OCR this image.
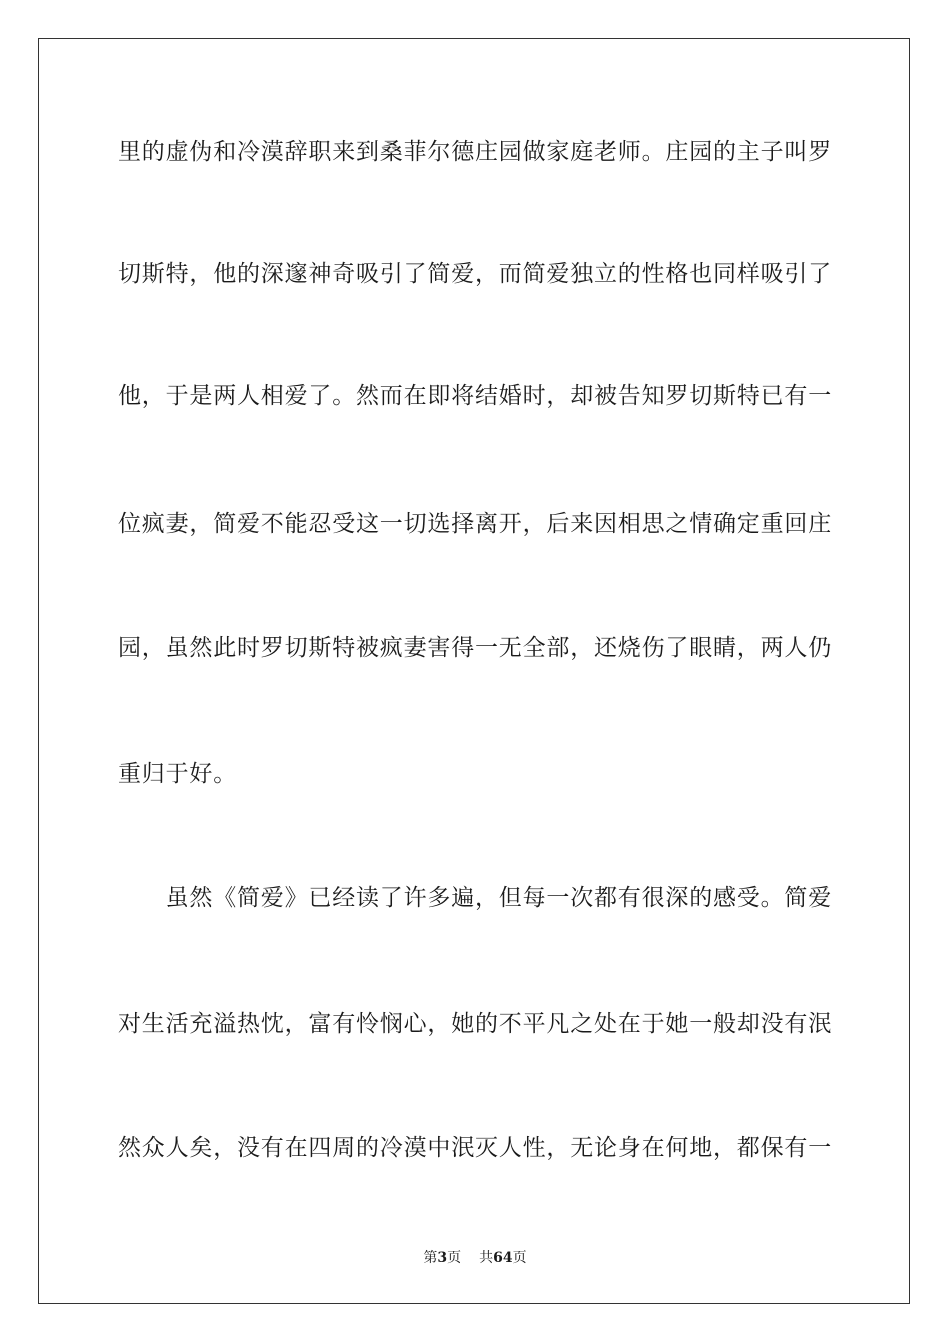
里的虚伪和冷漠辞职来到桑菲尔德庄园做家庭老师。庄园的主子叫罗
切斯特，他的深邃神奇吸引了简爱，而简爱独立的性格也同样吸引了
他，于是两人相爱了。然而在即将结婚时，却被告知罗切斯特已有一
位疯妻，简爱不能忍受这一切选择离开，后来因相思之情确定重回庄
园，虽然此时罗切斯特被疯妻害得一无全部，还烧伤了眼睛，两人仍
重归于好。
　　虽然《简爱》已经读了许多遍，但每一次都有很深的感受。简爱
对生活充溢热忱，富有怜悯心，她的不平凡之处在于她一般却没有泯
然众人矣，没有在四周的冷漠中泯灭人性，无论身在何地，都保有一
第3页 共64页
